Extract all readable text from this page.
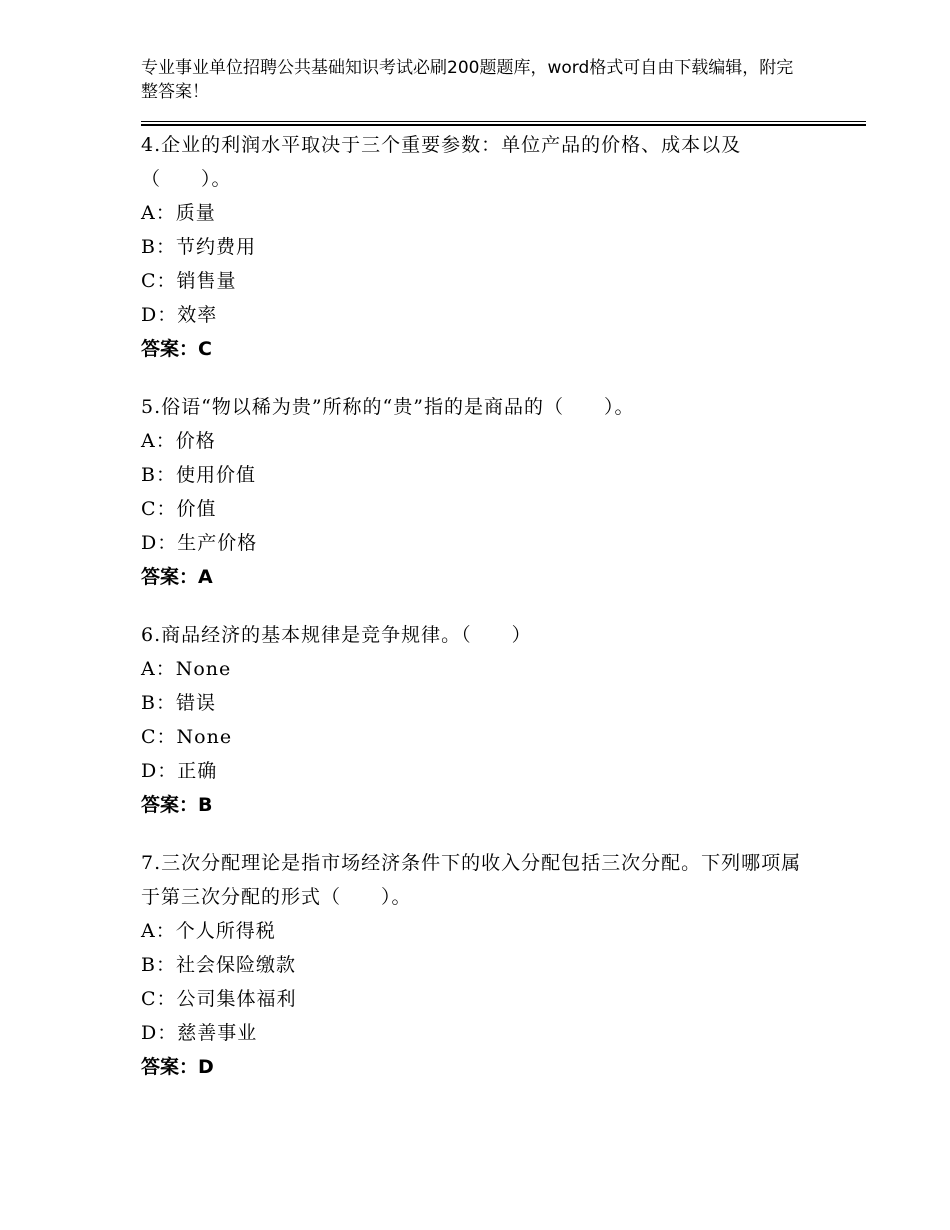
专业事业单位招聘公共基础知识考试必刷200题题库，word格式可自由下载编辑，附完整答案！

4.企业的利润水平取决于三个重要参数：单位产品的价格、成本以及（　　）。

A：质量

B：节约费用

C：销售量

D：效率

答案：C

5.俗语“物以稀为贵”所称的“贵”指的是商品的（　　）。

A：价格

B：使用价值

C：价值

D：生产价格

答案：A

6.商品经济的基本规律是竞争规律。（　　）

A：None

B：错误

C：None

D：正确

答案：B

7.三次分配理论是指市场经济条件下的收入分配包括三次分配。下列哪项属于第三次分配的形式（　　）。

A：个人所得税

B：社会保险缴款

C：公司集体福利

D：慈善事业

答案：D
